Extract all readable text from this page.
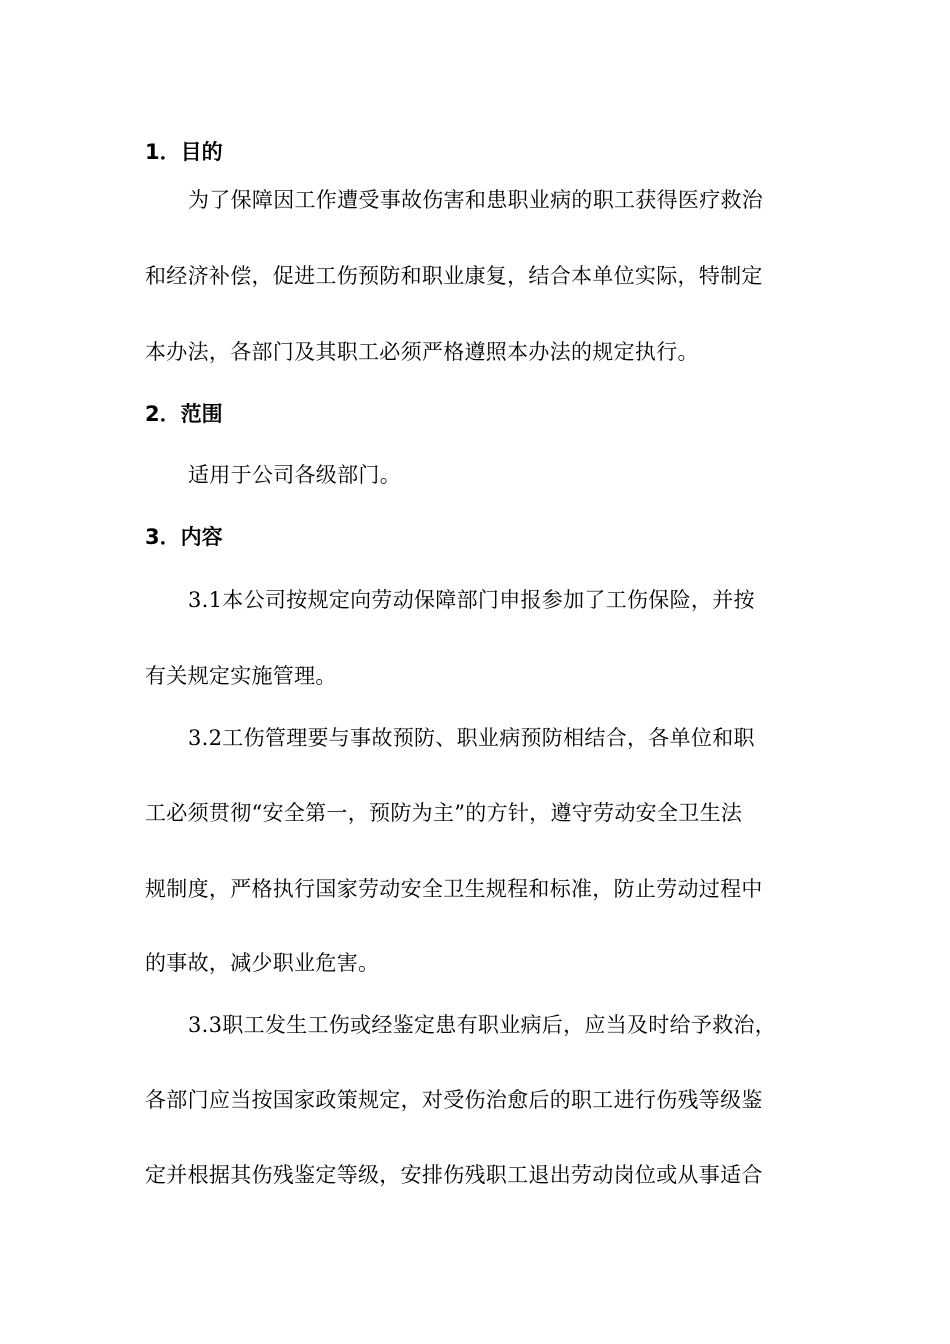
1．目的
为了保障因工作遭受事故伤害和患职业病的职工获得医疗救治
和经济补偿，促进工伤预防和职业康复，结合本单位实际，特制定
本办法，各部门及其职工必须严格遵照本办法的规定执行。
2．范围
适用于公司各级部门。
3．内容
3.1本公司按规定向劳动保障部门申报参加了工伤保险，并按
有关规定实施管理。
3.2工伤管理要与事故预防、职业病预防相结合，各单位和职
工必须贯彻“安全第一，预防为主”的方针，遵守劳动安全卫生法
规制度，严格执行国家劳动安全卫生规程和标准，防止劳动过程中
的事故，减少职业危害。
3.3职工发生工伤或经鉴定患有职业病后，应当及时给予救治，
各部门应当按国家政策规定，对受伤治愈后的职工进行伤残等级鉴
定并根据其伤残鉴定等级，安排伤残职工退出劳动岗位或从事适合
